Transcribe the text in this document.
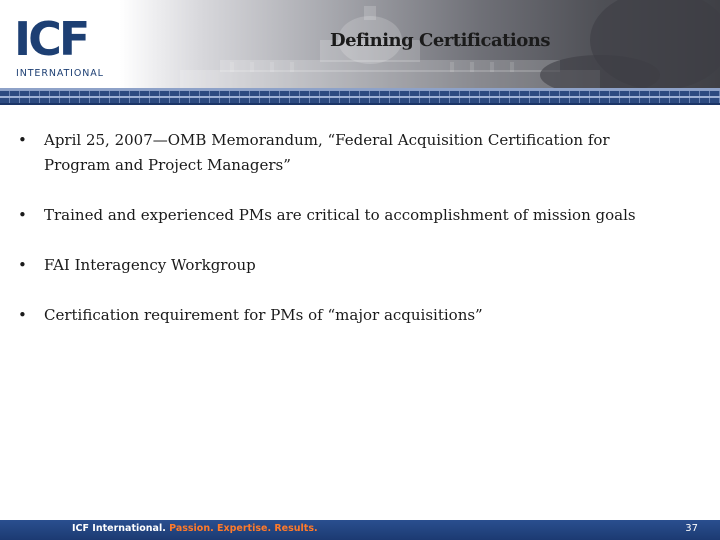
ICF
INTERNATIONAL
Defining Certifications
• April 25, 2007—OMB Memorandum, “Federal Acquisition Certification for Program and Project Managers”
• Trained and experienced PMs are critical to accomplishment of mission goals
• FAI Interagency Workgroup
• Certification requirement for PMs of “major acquisitions”
ICF International. Passion. Expertise. Results.	37
